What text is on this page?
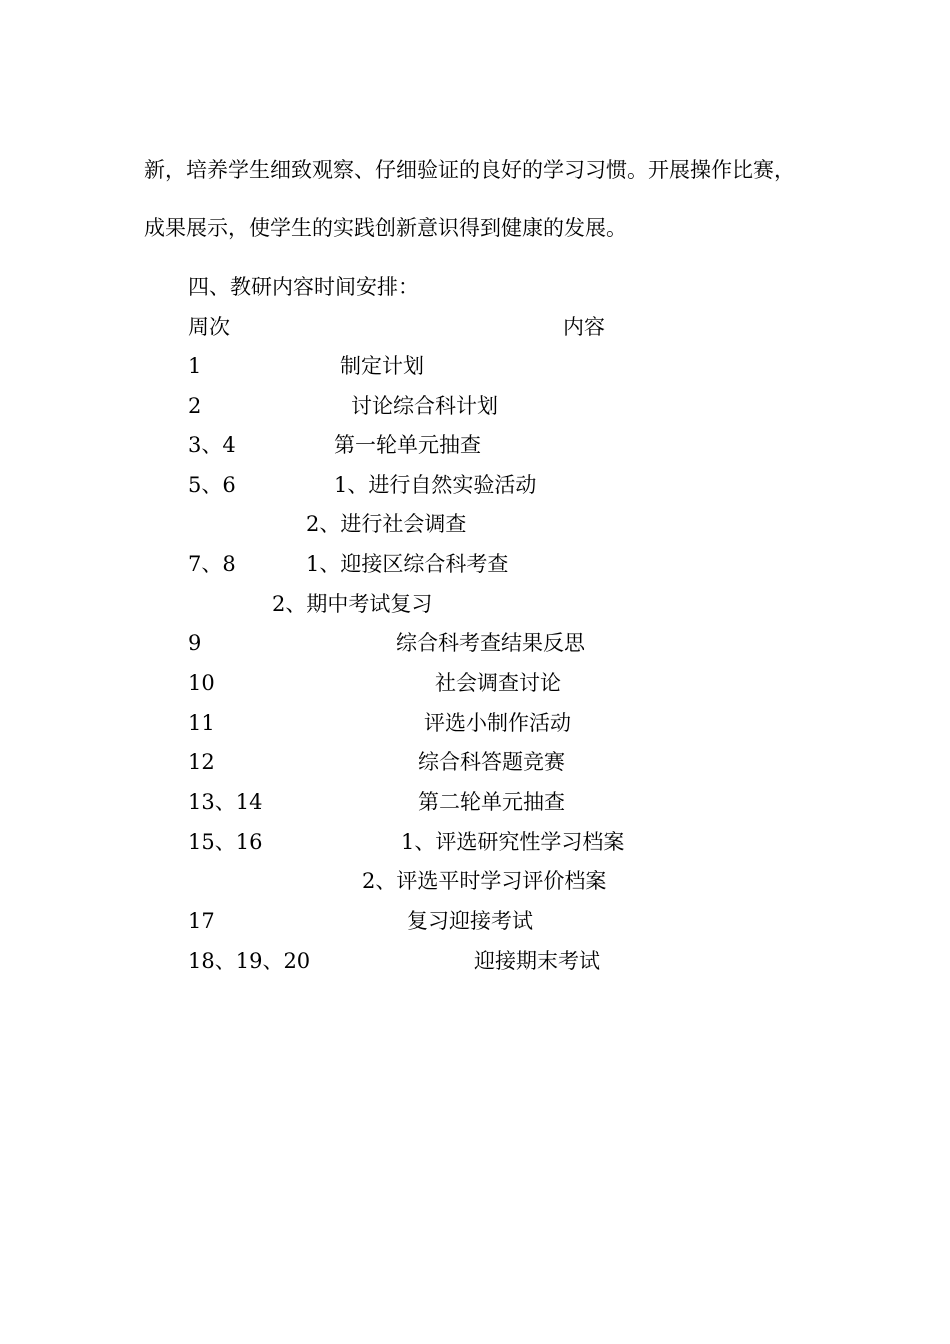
新，培养学生细致观察、仔细验证的良好的学习习惯。开展操作比赛，
成果展示，使学生的实践创新意识得到健康的发展。
四、教研内容时间安排：
周次	内容
1	制定计划
2	讨论综合科计划
3、4	第一轮单元抽查
5、6	1、进行自然实验活动
2、进行社会调查
7、8	1、迎接区综合科考查
2、期中考试复习
9	综合科考查结果反思
10	社会调查讨论
11	评选小制作活动
12	综合科答题竞赛
13、14	第二轮单元抽查
15、16	1、评选研究性学习档案
2、评选平时学习评价档案
17	复习迎接考试
18、19、20	迎接期末考试
